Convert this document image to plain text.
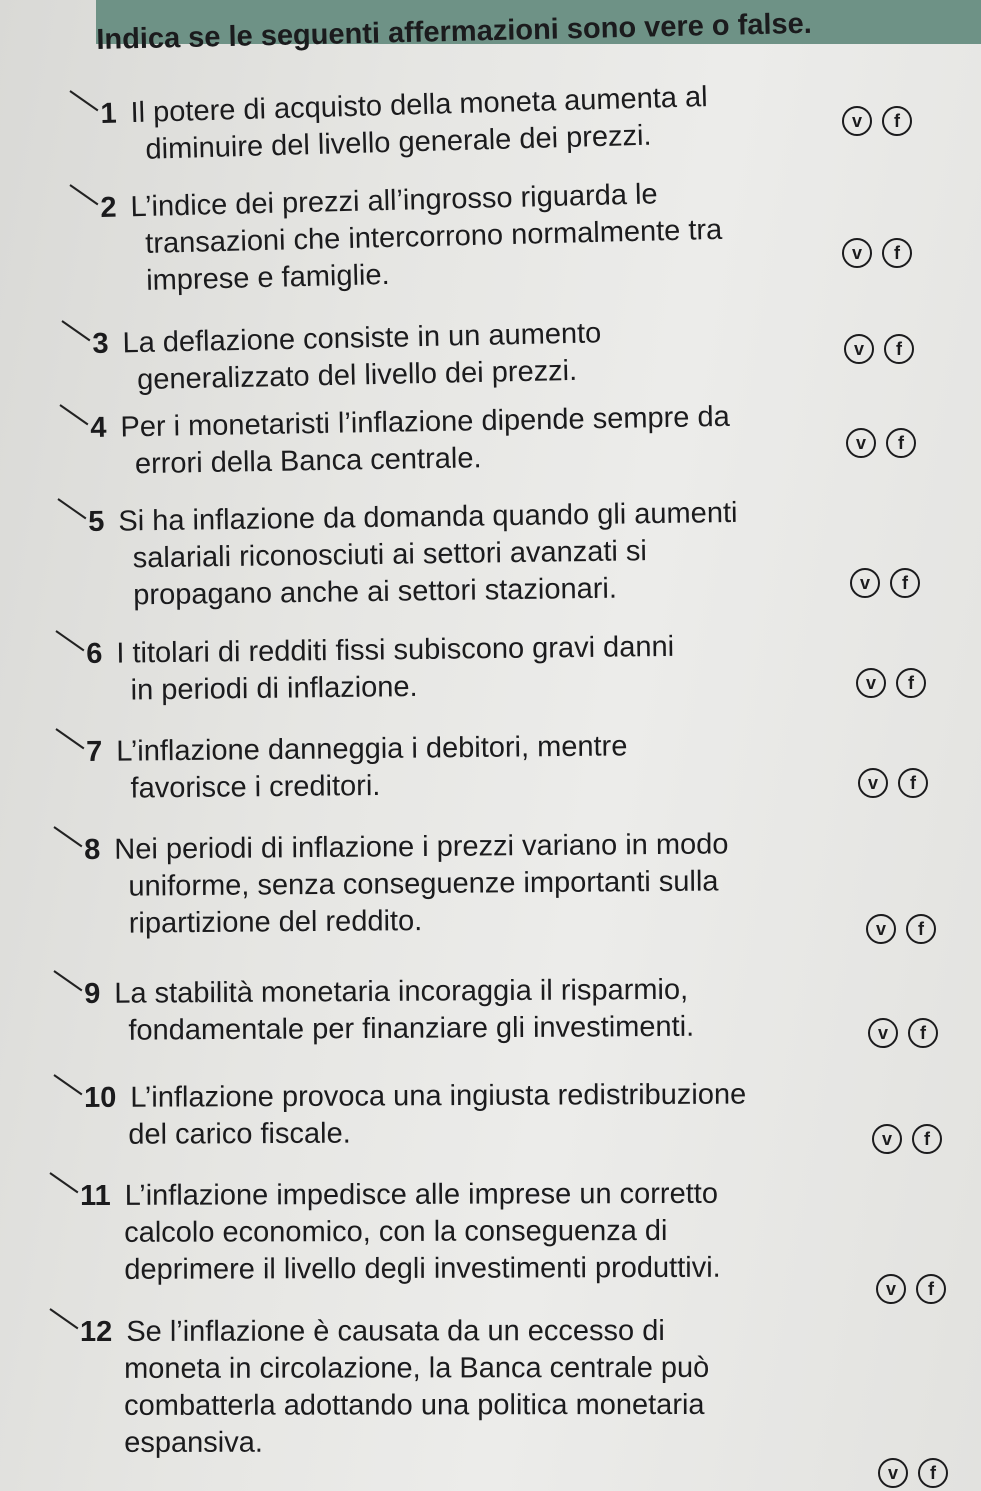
Indica se le seguenti affermazioni sono vere o false.
1 Il potere di acquisto della moneta aumenta al
diminuire del livello generale dei prezzi.	v	f
2 L’indice dei prezzi all’ingrosso riguarda le
transazioni che intercorrono normalmente tra
imprese e famiglie.
v	f
3 La deflazione consiste in un aumento
generalizzato del livello dei prezzi.
v	f
4 Per i monetaristi l’inflazione dipende sempre da
errori della Banca centrale.	v	f
5 Si ha inflazione da domanda quando gli aumenti
salariali riconosciuti ai settori avanzati si
propagano anche ai settori stazionari.	v	f
6 I titolari di redditi fissi subiscono gravi danni
in periodi di inflazione.	v	f
7 L’inflazione danneggia i debitori, mentre
favorisce i creditori.	v	f
8 Nei periodi di inflazione i prezzi variano in modo
uniforme, senza conseguenze importanti sulla
ripartizione del reddito.	v	f
9 La stabilità monetaria incoraggia il risparmio,
fondamentale per finanziare gli investimenti.	v	f
10 L’inflazione provoca una ingiusta redistribuzione
del carico fiscale.	v	f
11 L’inflazione impedisce alle imprese un corretto
calcolo economico, con la conseguenza di
deprimere il livello degli investimenti produttivi.
v	f
12 Se l’inflazione è causata da un eccesso di
moneta in circolazione, la Banca centrale può
combatterla adottando una politica monetaria
espansiva.
v	f
